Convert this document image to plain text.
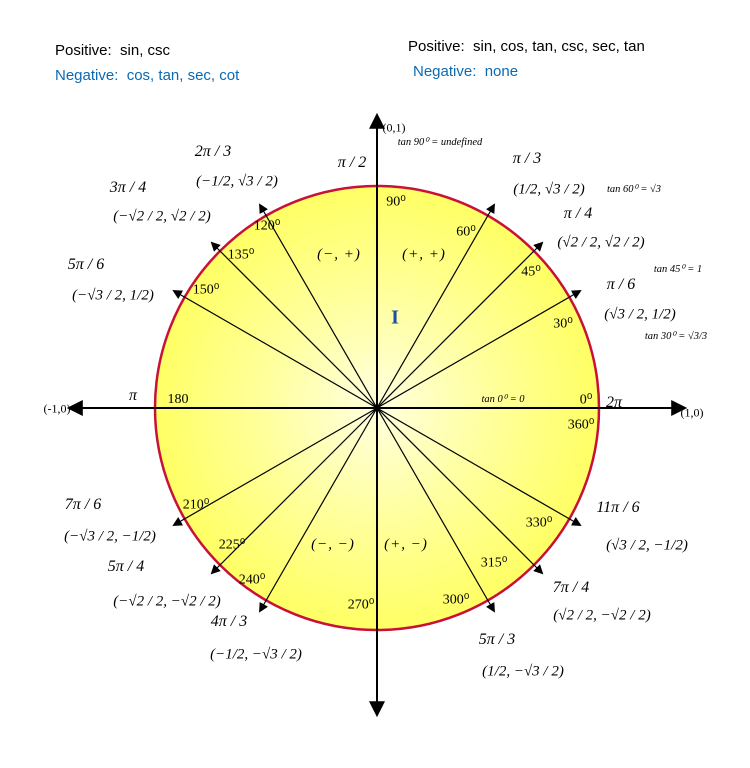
Positive: sin, csc
Negative: cos, tan, sec, cot
Positive: sin, cos, tan, csc, sec, tan
Negative: none
(0,1)
(-1,0)	(1,0)
(−, +)	(+, +)
I
(−, −) (+, −)
π / 2
90⁰
tan 90⁰ = undefined
π / 3
(1/2, √3 / 2) tan 60⁰ = √3
60⁰
π / 4
(√2 / 2, √2 / 2)
tan 45⁰ = 1
45⁰
π / 6
(√3 / 2, 1/2)
tan 30⁰ = √3/3
30⁰
2π / 3
(−1/2, √3 / 2)
120⁰
3π / 4
(−√2 / 2, √2 / 2)
135⁰
5π / 6
(−√3 / 2, 1/2)	150⁰
π 180
7π / 6
(−√3 / 2, −1/2)
210⁰
5π / 4
(−√2 / 2, −√2 / 2)
225⁰
4π / 3
(−1/2, −√3 / 2)
240⁰
270⁰
5π / 3
(1/2, −√3 / 2)
300⁰
7π / 4
(√2 / 2, −√2 / 2)
315⁰
11π / 6
(√3 / 2, −1/2)
330⁰
0⁰
360⁰
2π
tan 0⁰ = 0
